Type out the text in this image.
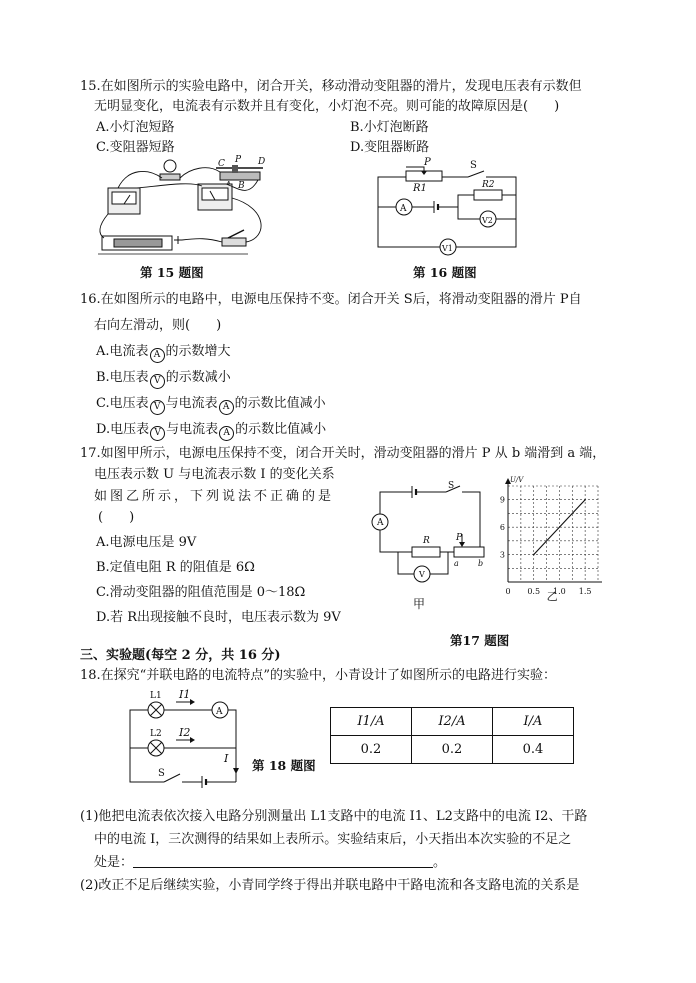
15.在如图所示的实验电路中，闭合开关，移动滑动变阻器的滑片，发现电压表有示数但
无明显变化，电流表有示数并且有变化，小灯泡不亮。则可能的故障原因是(　　)
A.小灯泡短路	B.小灯泡断路
C.变阻器短路	D.变阻器断路
C P D
B
第 15 题图
P
R1
S
A
R2
V2
V1
第 16 题图
16.在如图所示的电路中，电源电压保持不变。闭合开关 S后，将滑动变阻器的滑片 P自
右向左滑动，则(　　)
A.电流表 A 的示数增大
B.电压表 V 的示数减小
C.电压表 V 与电流表 A 的示数比值减小
D.电压表 V 与电流表 A 的示数比值减小
17.如图甲所示，电源电压保持不变，闭合开关时，滑动变阻器的滑片 P 从 b 端滑到 a 端，
电压表示数 U 与电流表示数 I 的变化关系
如图乙所示，下列说法不正确的是
(　　)
A.电源电压是 9V
B.定值电阻 R 的阻值是 6Ω
C.滑动变阻器的阻值范围是 0～18Ω
D.若 R出现接触不良时，电压表示数为 9V
S
A
R	P
a b
V
甲
U/V
0 0.5 1.0 1.5
3
6
9
乙
第17 题图
三、实验题(每空 2 分，共 16 分)
18.在探究“并联电路的电流特点”的实验中，小青设计了如图所示的电路进行实验：
L1 I1
A
L2 I2
S
I 第 18 题图
I1/A	I2/A	I/A
0.2	0.2	0.4
(1)他把电流表依次接入电路分别测量出 L1支路中的电流 I1、L2支路中的电流 I2、干路
中的电流 I，三次测得的结果如上表所示。实验结束后，小天指出本次实验的不足之
处是：	。
(2)改正不足后继续实验，小青同学终于得出并联电路中干路电流和各支路电流的关系是
